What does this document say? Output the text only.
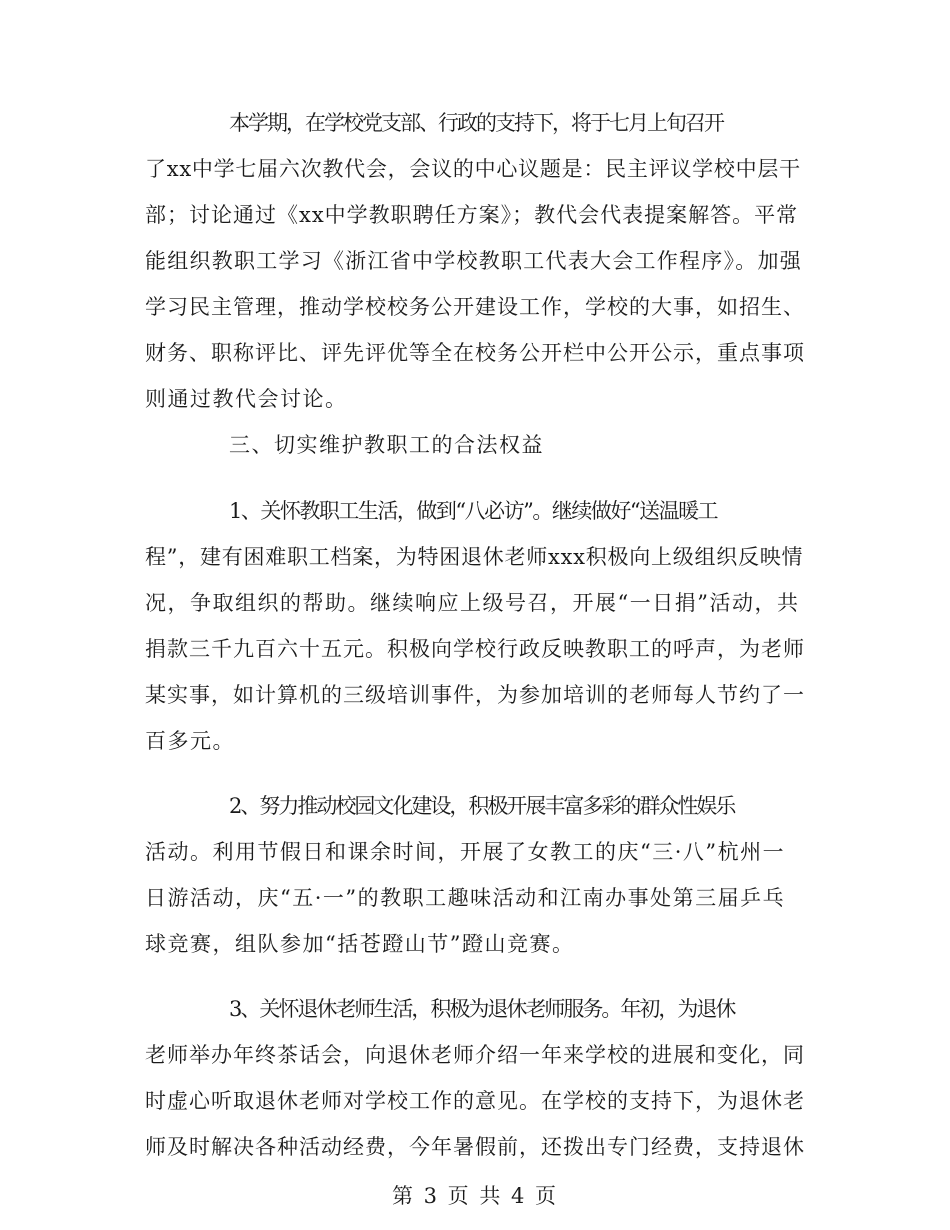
本学期，在学校党支部、行政的支持下，将于七月上旬召开
了xx中学七届六次教代会，会议的中心议题是：民主评议学校中层干
部；讨论通过《xx中学教职聘任方案》；教代会代表提案解答。平常
能组织教职工学习《浙江省中学校教职工代表大会工作程序》。加强
学习民主管理，推动学校校务公开建设工作，学校的大事，如招生、
财务、职称评比、评先评优等全在校务公开栏中公开公示，重点事项
则通过教代会讨论。
三、切实维护教职工的合法权益
1、关怀教职工生活，做到“八必访”。继续做好“送温暖工
程”，建有困难职工档案，为特困退休老师xxx积极向上级组织反映情
况，争取组织的帮助。继续响应上级号召，开展“一日捐”活动，共
捐款三千九百六十五元。积极向学校行政反映教职工的呼声，为老师
某实事，如计算机的三级培训事件，为参加培训的老师每人节约了一
百多元。
2、努力推动校园文化建设，积极开展丰富多彩的群众性娱乐
活动。利用节假日和课余时间，开展了女教工的庆“三·八”杭州一
日游活动，庆“五·一”的教职工趣味活动和江南办事处第三届乒乓
球竞赛，组队参加“括苍蹬山节”蹬山竞赛。
3、关怀退休老师生活，积极为退休老师服务。年初，为退休
老师举办年终茶话会，向退休老师介绍一年来学校的进展和变化，同
时虚心听取退休老师对学校工作的意见。在学校的支持下，为退休老
师及时解决各种活动经费，今年暑假前，还拨出专门经费，支持退休
第 3 页 共 4 页
